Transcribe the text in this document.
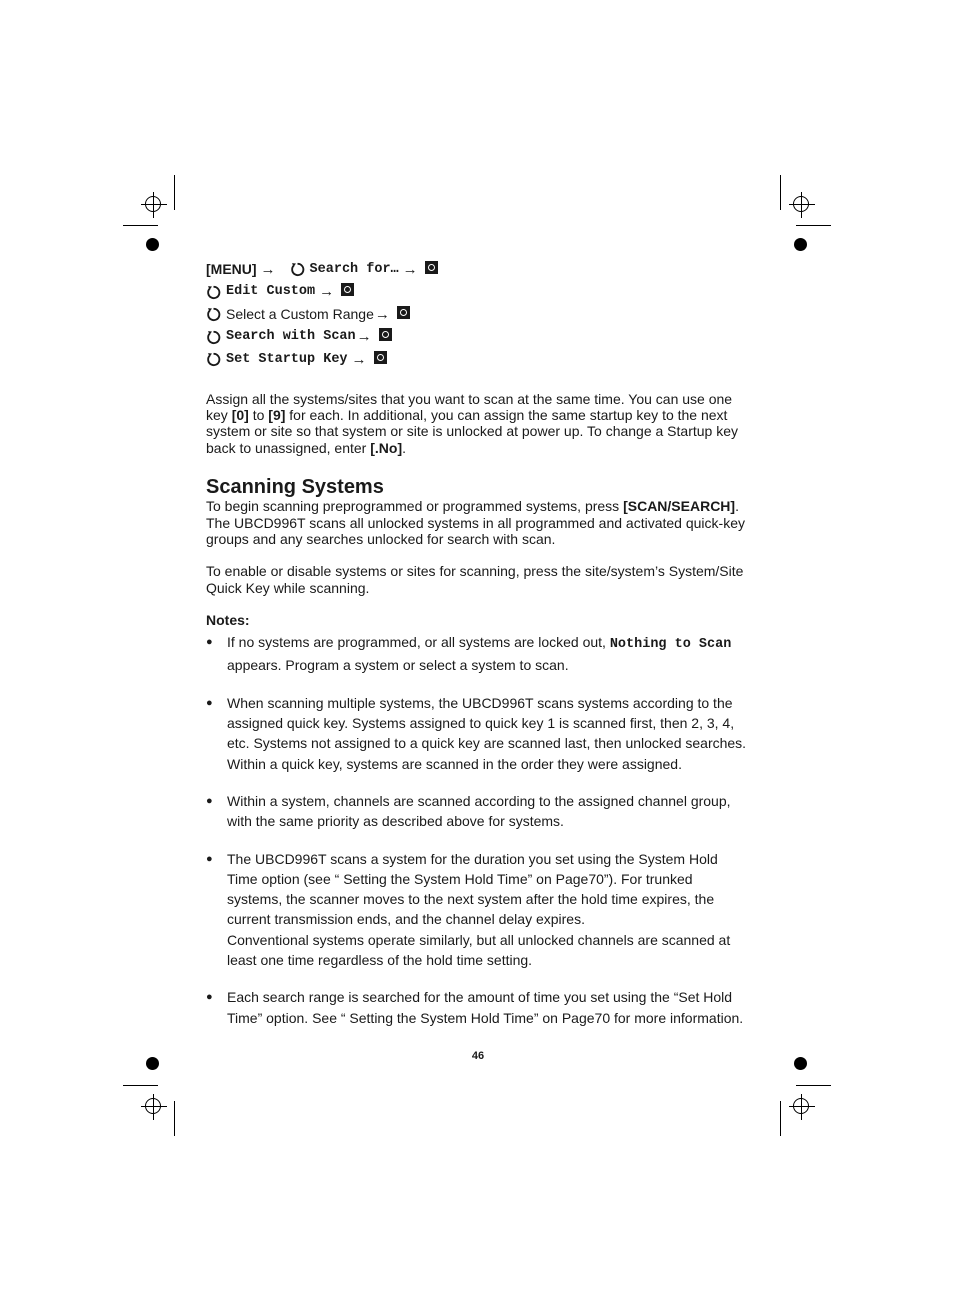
[MENU] →	Search for… →
Edit Custom →
Select a Custom Range →
Search with Scan →
Set Startup Key →

Assign all the systems/sites that you want to scan at the same time. You can use one key [0] to [9] for each. In additional, you can assign the same startup key to the next system or site so that system or site is unlocked at power up. To change a Startup key back to unassigned, enter [.No].

Scanning Systems

To begin scanning preprogrammed or programmed systems, press [SCAN/SEARCH]. The UBCD996T scans all unlocked systems in all programmed and activated quick-key groups and any searches unlocked for search with scan.

To enable or disable systems or sites for scanning, press the site/system’s System/Site Quick Key while scanning.

Notes:
● If no systems are programmed, or all systems are locked out, Nothing to Scan appears. Program a system or select a system to scan.
● When scanning multiple systems, the UBCD996T scans systems according to the assigned quick key. Systems assigned to quick key 1 is scanned first, then 2, 3, 4, etc. Systems not assigned to a quick key are scanned last, then unlocked searches. Within a quick key, systems are scanned in the order they were assigned.
● Within a system, channels are scanned according to the assigned channel group, with the same priority as described above for systems.
● The UBCD996T scans a system for the duration you set using the System Hold Time option (see “ Setting the System Hold Time” on Page70”). For trunked systems, the scanner moves to the next system after the hold time expires, the current transmission ends, and the channel delay expires.
Conventional systems operate similarly, but all unlocked channels are scanned at least one time regardless of the hold time setting.
● Each search range is searched for the amount of time you set using the “Set Hold Time” option. See “ Setting the System Hold Time” on Page70 for more information.
46
